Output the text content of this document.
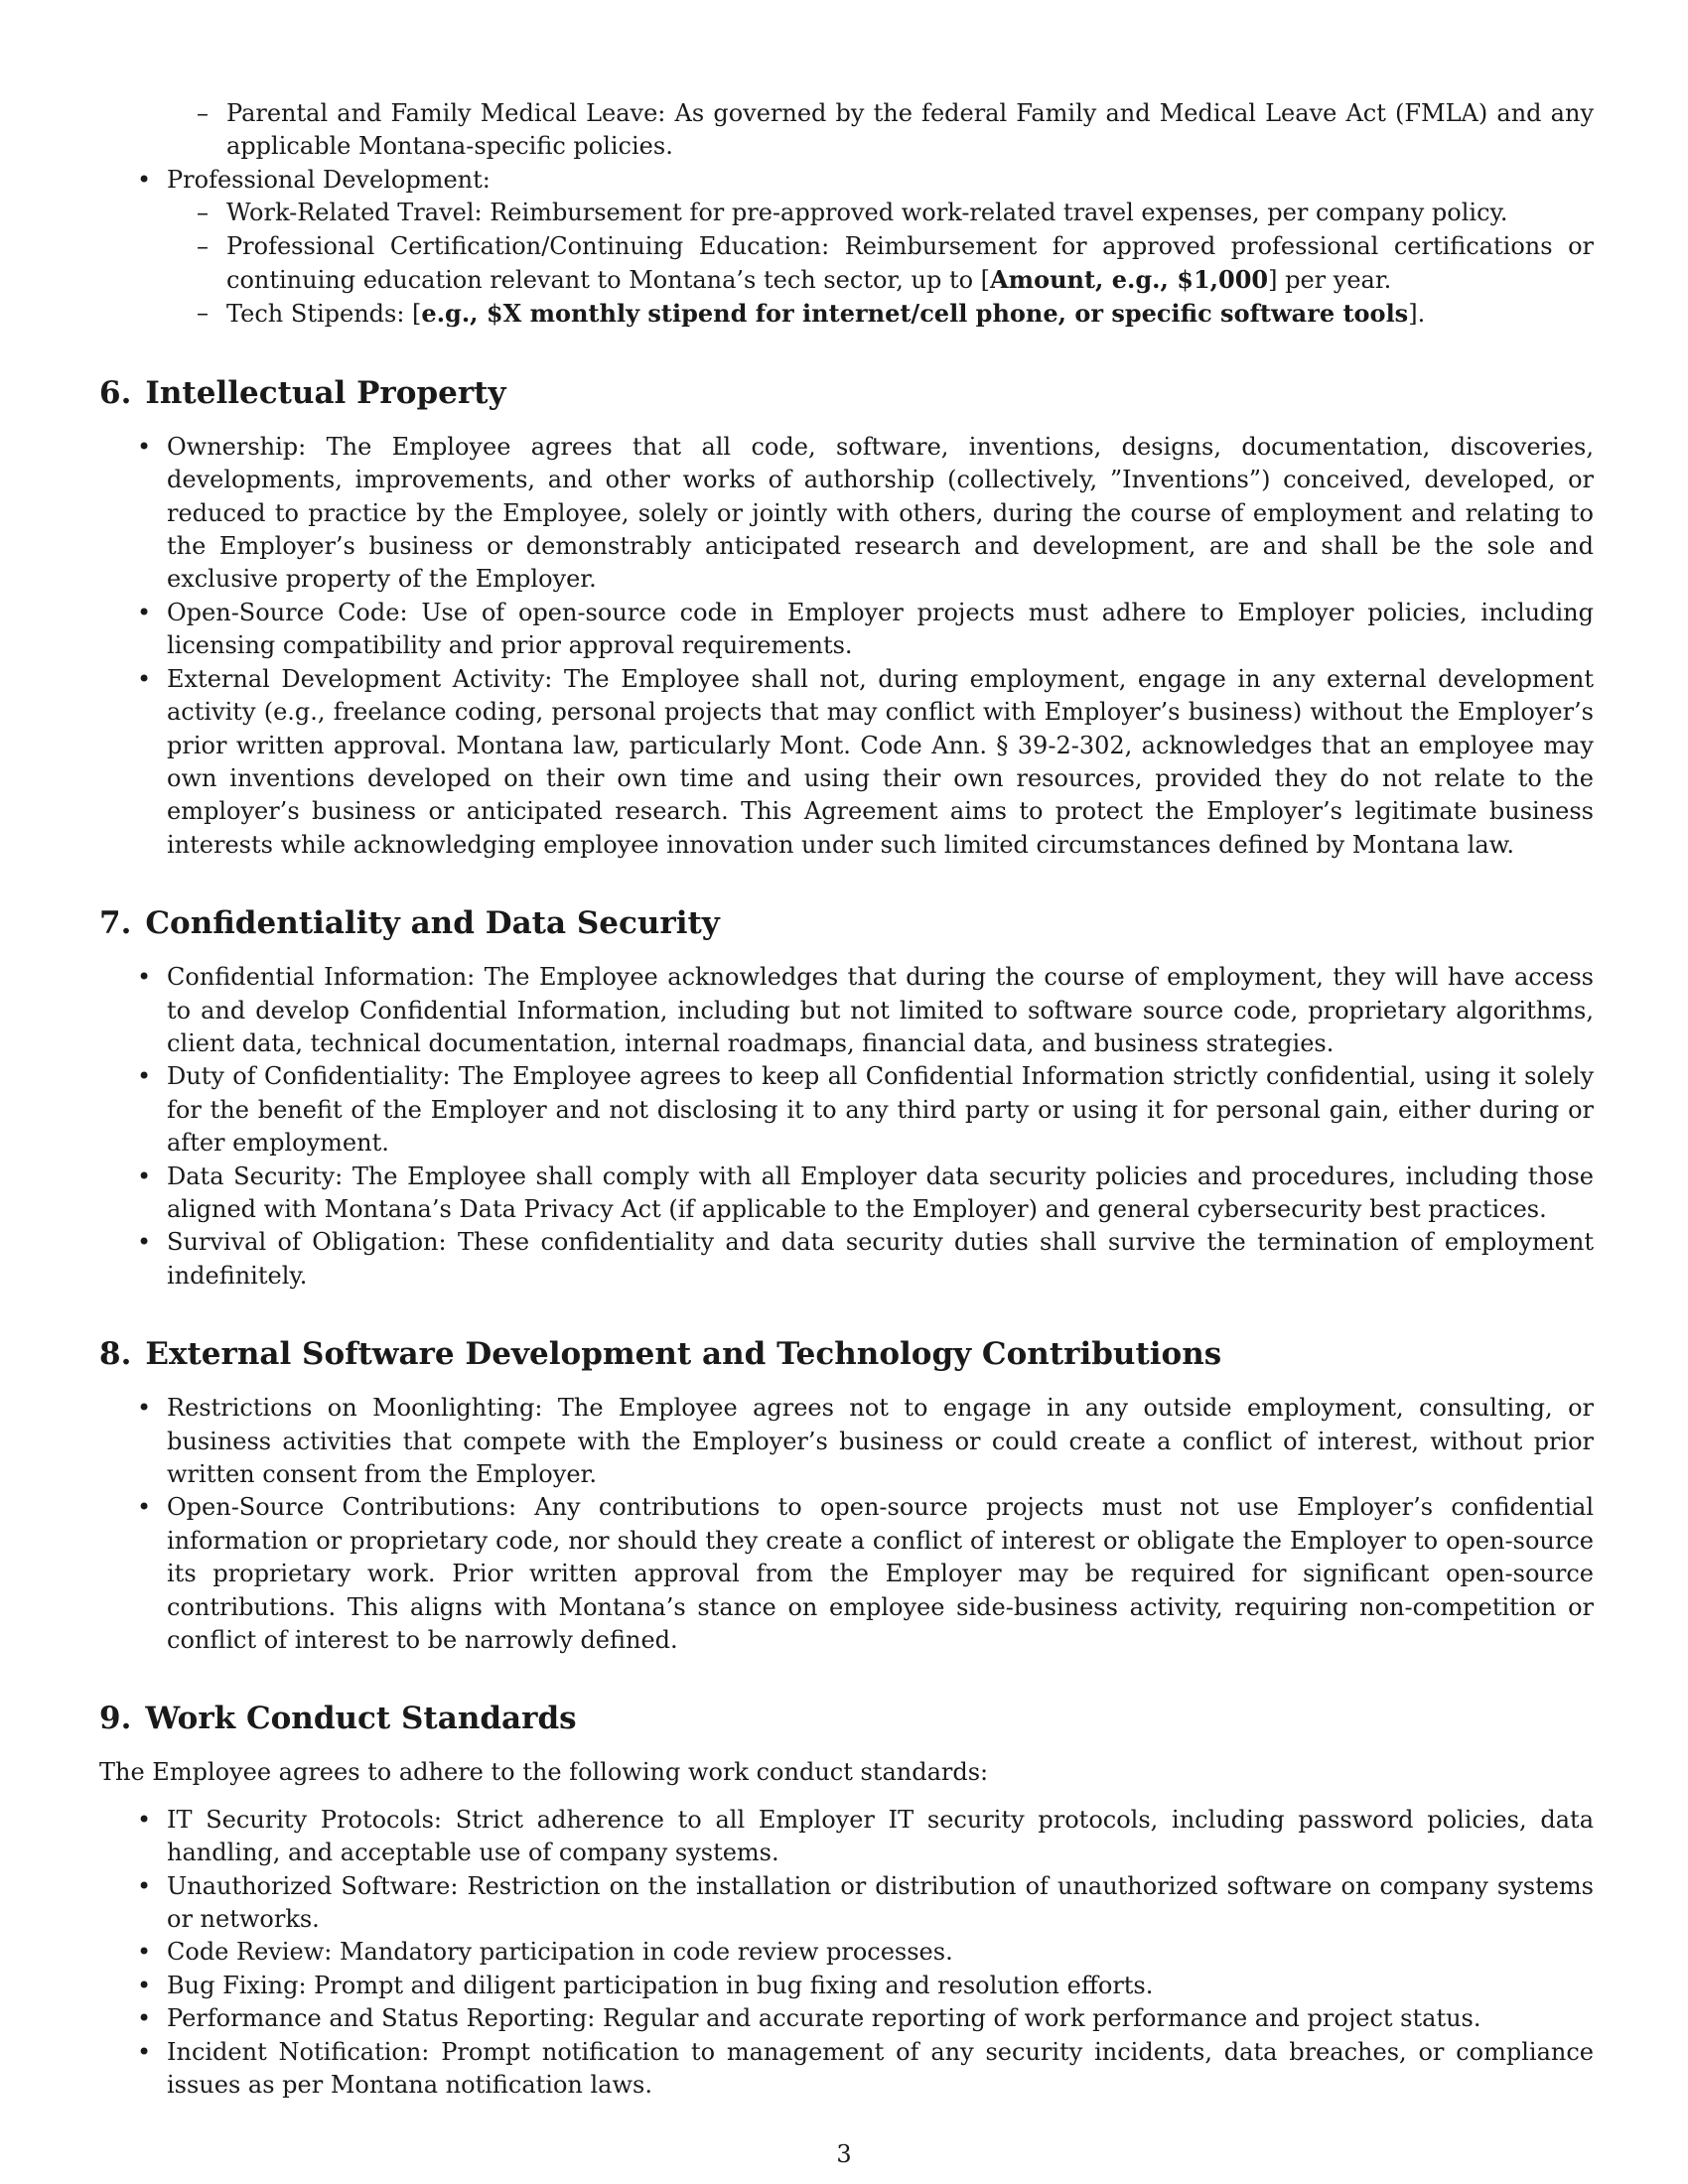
– Parental and Family Medical Leave: As governed by the federal Family and Medical Leave Act (FMLA) and any applicable Montana-specific policies.
• Professional Development:
– Work-Related Travel: Reimbursement for pre-approved work-related travel expenses, per company policy.
– Professional Certification/Continuing Education: Reimbursement for approved professional certifications or continuing education relevant to Montana’s tech sector, up to [Amount, e.g., $1,000] per year.
– Tech Stipends: [e.g., $X monthly stipend for internet/cell phone, or specific software tools].
6. Intellectual Property
• Ownership: The Employee agrees that all code, software, inventions, designs, documentation, discoveries, developments, improvements, and other works of authorship (collectively, ”Inventions”) conceived, developed, or reduced to practice by the Employee, solely or jointly with others, during the course of employment and relating to the Employer’s business or demonstrably anticipated research and development, are and shall be the sole and exclusive property of the Employer.
• Open-Source Code: Use of open-source code in Employer projects must adhere to Employer policies, including licensing compatibility and prior approval requirements.
• External Development Activity: The Employee shall not, during employment, engage in any external development activity (e.g., freelance coding, personal projects that may conflict with Employer’s business) without the Employer’s prior written approval. Montana law, particularly Mont. Code Ann. § 39-2-302, acknowledges that an employee may own inventions developed on their own time and using their own resources, provided they do not relate to the employer’s business or anticipated research. This Agreement aims to protect the Employer’s legitimate business interests while acknowledging employee innovation under such limited circumstances defined by Montana law.
7. Confidentiality and Data Security
• Confidential Information: The Employee acknowledges that during the course of employment, they will have access to and develop Confidential Information, including but not limited to software source code, proprietary algorithms, client data, technical documentation, internal roadmaps, financial data, and business strategies.
• Duty of Confidentiality: The Employee agrees to keep all Confidential Information strictly confidential, using it solely for the benefit of the Employer and not disclosing it to any third party or using it for personal gain, either during or after employment.
• Data Security: The Employee shall comply with all Employer data security policies and procedures, including those aligned with Montana’s Data Privacy Act (if applicable to the Employer) and general cybersecurity best practices.
• Survival of Obligation: These confidentiality and data security duties shall survive the termination of employment indefinitely.
8. External Software Development and Technology Contributions
• Restrictions on Moonlighting: The Employee agrees not to engage in any outside employment, consulting, or business activities that compete with the Employer’s business or could create a conflict of interest, without prior written consent from the Employer.
• Open-Source Contributions: Any contributions to open-source projects must not use Employer’s confidential information or proprietary code, nor should they create a conflict of interest or obligate the Employer to open-source its proprietary work. Prior written approval from the Employer may be required for significant open-source contributions. This aligns with Montana’s stance on employee side-business activity, requiring non-competition or conflict of interest to be narrowly defined.
9. Work Conduct Standards

The Employee agrees to adhere to the following work conduct standards:

• IT Security Protocols: Strict adherence to all Employer IT security protocols, including password policies, data handling, and acceptable use of company systems.
• Unauthorized Software: Restriction on the installation or distribution of unauthorized software on company systems or networks.
• Code Review: Mandatory participation in code review processes.
• Bug Fixing: Prompt and diligent participation in bug fixing and resolution efforts.
• Performance and Status Reporting: Regular and accurate reporting of work performance and project status.
• Incident Notification: Prompt notification to management of any security incidents, data breaches, or compliance issues as per Montana notification laws.
3
